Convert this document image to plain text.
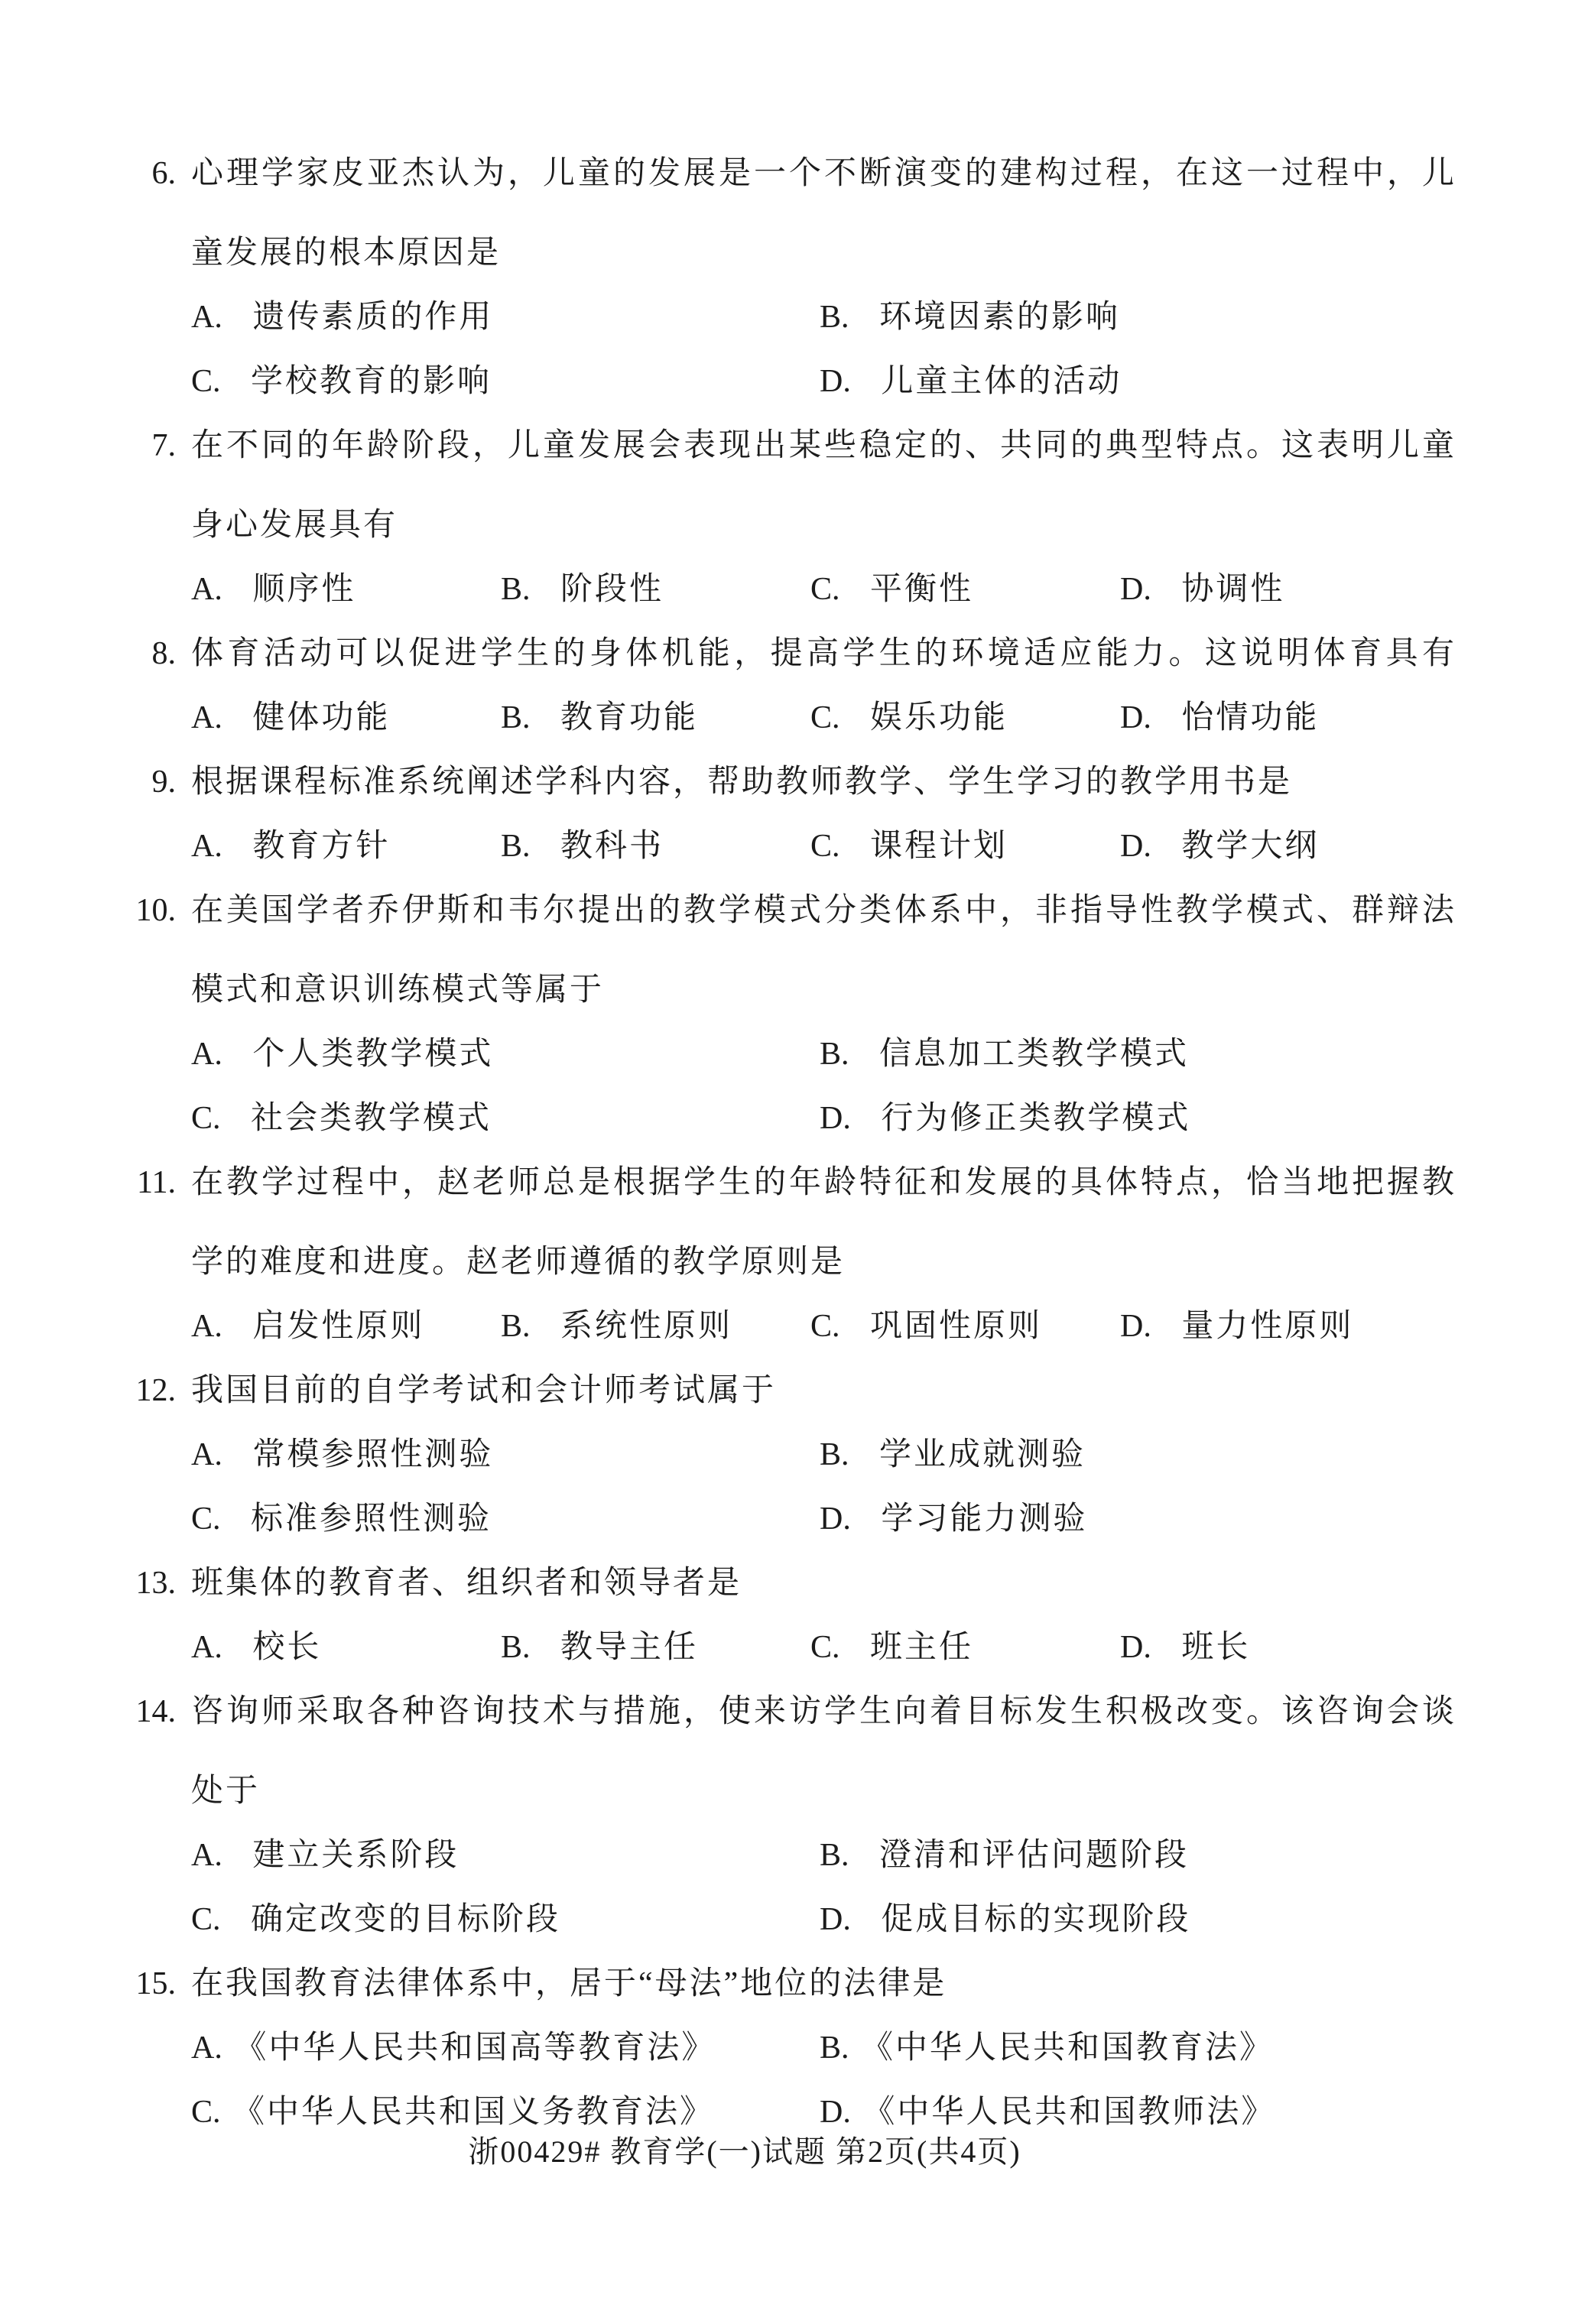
6. 心理学家皮亚杰认为，儿童的发展是一个不断演变的建构过程，在这一过程中，儿
童发展的根本原因是
A. 遗传素质的作用	B. 环境因素的影响
C. 学校教育的影响	D. 儿童主体的活动
7. 在不同的年龄阶段，儿童发展会表现出某些稳定的、共同的典型特点。这表明儿童
身心发展具有
A. 顺序性	B. 阶段性	C. 平衡性	D. 协调性
8. 体育活动可以促进学生的身体机能，提高学生的环境适应能力。这说明体育具有
A. 健体功能	B. 教育功能	C. 娱乐功能	D. 怡情功能
9. 根据课程标准系统阐述学科内容，帮助教师教学、学生学习的教学用书是
A. 教育方针	B. 教科书	C. 课程计划	D. 教学大纲
10. 在美国学者乔伊斯和韦尔提出的教学模式分类体系中，非指导性教学模式、群辩法
模式和意识训练模式等属于
A. 个人类教学模式	B. 信息加工类教学模式
C. 社会类教学模式	D. 行为修正类教学模式
11. 在教学过程中，赵老师总是根据学生的年龄特征和发展的具体特点，恰当地把握教
学的难度和进度。赵老师遵循的教学原则是
A. 启发性原则	B. 系统性原则	C. 巩固性原则	D. 量力性原则
12. 我国目前的自学考试和会计师考试属于
A. 常模参照性测验	B. 学业成就测验
C. 标准参照性测验	D. 学习能力测验
13. 班集体的教育者、组织者和领导者是
A. 校长	B. 教导主任	C. 班主任	D. 班长
14. 咨询师采取各种咨询技术与措施，使来访学生向着目标发生积极改变。该咨询会谈
处于
A. 建立关系阶段	B. 澄清和评估问题阶段
C. 确定改变的目标阶段	D. 促成目标的实现阶段
15. 在我国教育法律体系中，居于“母法”地位的法律是
A. 《中华人民共和国高等教育法》	B. 《中华人民共和国教育法》
C. 《中华人民共和国义务教育法》	D. 《中华人民共和国教师法》
浙00429# 教育学(一)试题 第2页(共4页)
